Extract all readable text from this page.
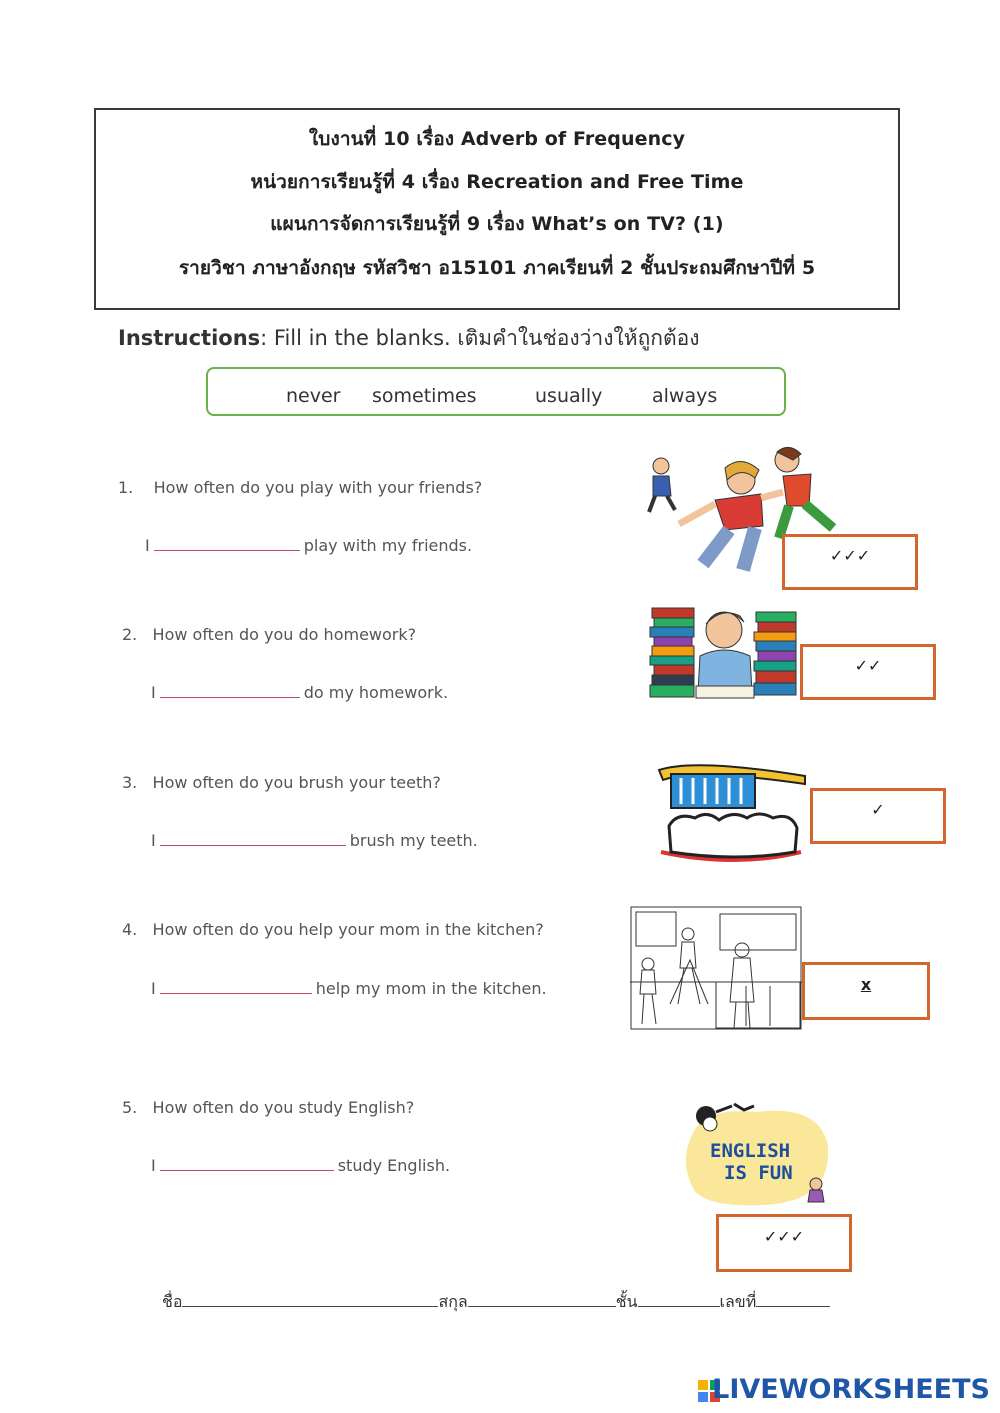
ใบงานที่ 10 เรื่อง Adverb of Frequency
หน่วยการเรียนรู้ที่ 4 เรื่อง Recreation and Free Time
แผนการจัดการเรียนรู้ที่ 9 เรื่อง What’s on TV? (1)
รายวิชา ภาษาอังกฤษ รหัสวิชา อ15101 ภาคเรียนที่ 2 ชั้นประถมศึกษาปีที่ 5
Instructions: Fill in the blanks. เติมคำในช่องว่างให้ถูกต้อง
never sometimes	usually	always
1. How often do you play with your friends?
I	play with my friends.
✓✓✓
2. How often do you do homework?
I	do my homework.
✓✓
3. How often do you brush your teeth?
I	brush my teeth.
✓
4. How often do you help your mom in the kitchen?
I	help my mom in the kitchen.	x
5. How often do you study English?
I	study English.
ENGLISH
IS FUN
✓✓✓
ชื่อ	สกุล	ชั้น	เลขที่
LIVEWORKSHEETS
